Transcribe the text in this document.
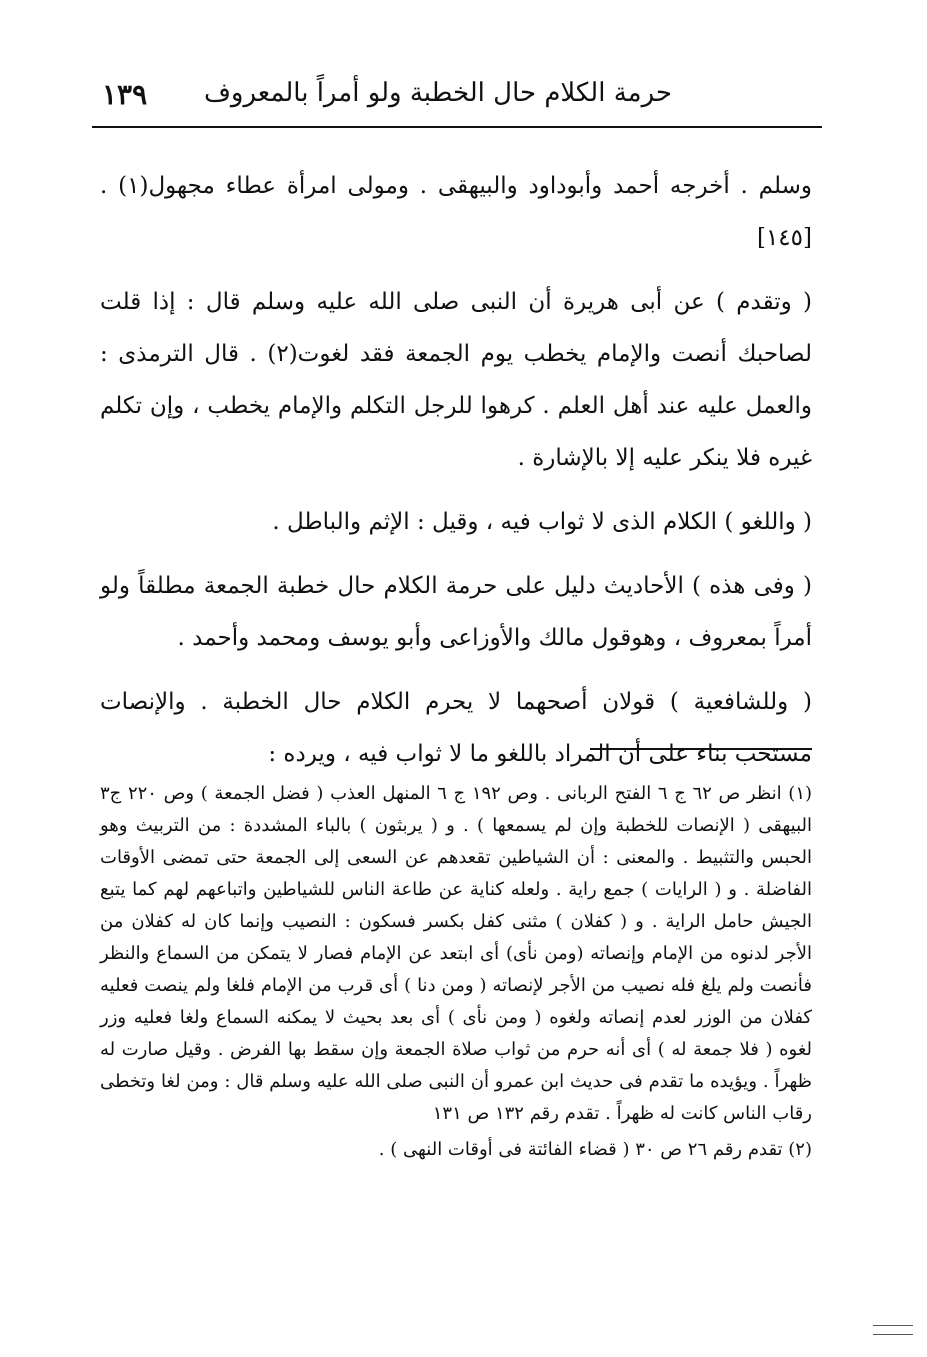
حرمة الكلام حال الخطبة ولو أمراً بالمعروف
١٣٩

وسلم . أخرجه أحمد وأبوداود والبيهقى . ومولى امرأة عطاء مجهول(١) . [١٤٥]

( وتقدم ) عن أبى هريرة أن النبى صلى الله عليه وسلم قال : إذا قلت لصاحبك أنصت والإمام يخطب يوم الجمعة فقد لغوت(٢) . قال الترمذى : والعمل عليه عند أهل العلم . كرهوا للرجل التكلم والإمام يخطب ، وإن تكلم غيره فلا ينكر عليه إلا بالإشارة .

( واللغو ) الكلام الذى لا ثواب فيه ، وقيل : الإثم والباطل .

( وفى هذه ) الأحاديث دليل على حرمة الكلام حال خطبة الجمعة مطلقاً ولو أمراً بمعروف ، وهوقول مالك والأوزاعى وأبو يوسف ومحمد وأحمد .

( وللشافعية ) قولان أصحهما لا يحرم الكلام حال الخطبة . والإنصات مستحب بناء على أن المراد باللغو ما لا ثواب فيه ، ويرده :

(١) انظر ص ٦٢ ج ٦ الفتح الربانى . وص ١٩٢ ج ٦ المنهل العذب ( فضل الجمعة ) وص ٢٢٠ ج٣ البيهقى ( الإنصات للخطبة وإن لم يسمعها ) . و ( يربثون ) بالباء المشددة : من التربيث وهو الحبس والتثبيط . والمعنى : أن الشياطين تقعدهم عن السعى إلى الجمعة حتى تمضى الأوقات الفاضلة . و ( الرايات ) جمع راية . ولعله كناية عن طاعة الناس للشياطين واتباعهم لهم كما يتبع الجيش حامل الراية . و ( كفلان ) مثنى كفل بكسر فسكون : النصيب وإنما كان له كفلان من الأجر لدنوه من الإمام وإنصاته (ومن نأى) أى ابتعد عن الإمام فصار لا يتمكن من السماع والنظر فأنصت ولم يلغ فله نصيب من الأجر لإنصاته ( ومن دنا ) أى قرب من الإمام فلغا ولم ينصت فعليه كفلان من الوزر لعدم إنصاته ولغوه ( ومن نأى ) أى بعد بحيث لا يمكنه السماع ولغا فعليه وزر لغوه ( فلا جمعة له ) أى أنه حرم من ثواب صلاة الجمعة وإن سقط بها الفرض . وقيل صارت له ظهراً . ويؤيده ما تقدم فى حديث ابن عمرو أن النبى صلى الله عليه وسلم قال : ومن لغا وتخطى رقاب الناس كانت له ظهراً . تقدم رقم ١٣٢ ص ١٣١

(٢) تقدم رقم ٢٦ ص ٣٠ ( قضاء الفائتة فى أوقات النهى ) .
